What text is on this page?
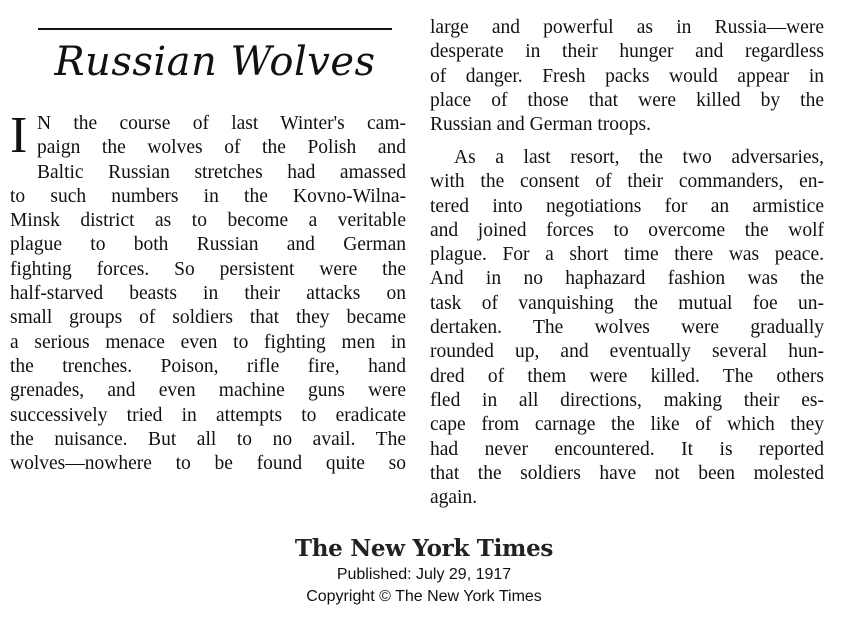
Russian Wolves
I N the course of last Winter's cam-
paign the wolves of the Polish and
Baltic Russian stretches had amassed
to such numbers in the Kovno-Wilna-
Minsk district as to become a veritable
plague to both Russian and German
fighting forces. So persistent were the
half-starved beasts in their attacks on
small groups of soldiers that they became
a serious menace even to fighting men in
the trenches. Poison, rifle fire, hand
grenades, and even machine guns were
successively tried in attempts to eradicate
the nuisance. But all to no avail. The
wolves—nowhere to be found quite so
large and powerful as in Russia—were
desperate in their hunger and regardless
of danger. Fresh packs would appear in
place of those that were killed by the
Russian and German troops.
As a last resort, the two adversaries,
with the consent of their commanders, en-
tered into negotiations for an armistice
and joined forces to overcome the wolf
plague. For a short time there was peace.
And in no haphazard fashion was the
task of vanquishing the mutual foe un-
dertaken. The wolves were gradually
rounded up, and eventually several hun-
dred of them were killed. The others
fled in all directions, making their es-
cape from carnage the like of which they
had never encountered. It is reported
that the soldiers have not been molested
again.
The New York Times
Published: July 29, 1917
Copyright © The New York Times
